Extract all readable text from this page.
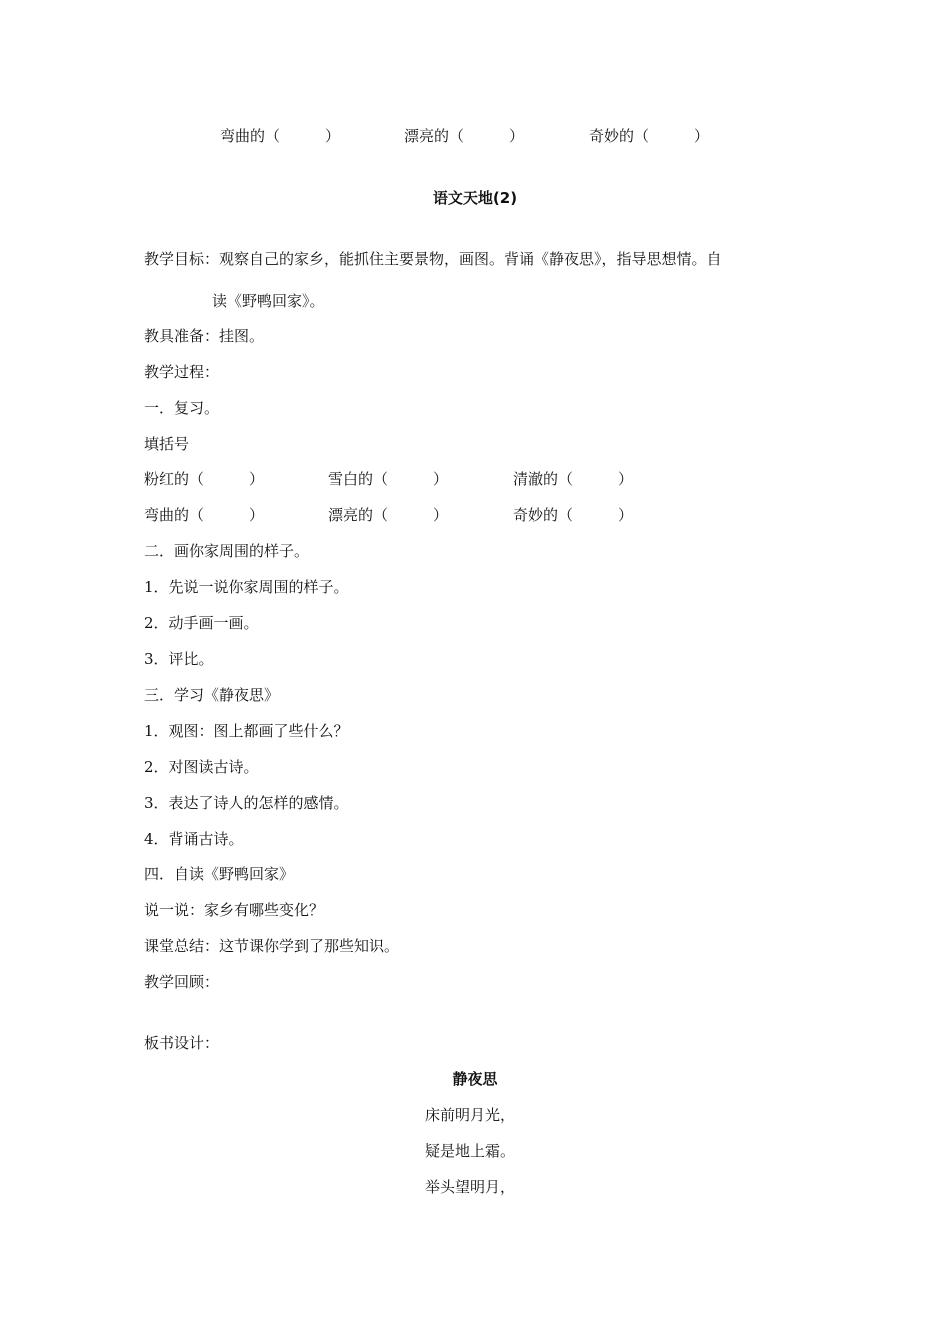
弯曲的（　　　）	漂亮的（　　　）	奇妙的（　　　）
语文天地(2)
教学目标：观察自己的家乡，能抓住主要景物，画图。背诵《静夜思》，指导思想情。自
读《野鸭回家》。
教具准备：挂图。
教学过程：
一．复习。
填括号
粉红的（　　　）	雪白的（　　　）	清澈的（　　　）
弯曲的（　　　）	漂亮的（　　　）	奇妙的（　　　）
二．画你家周围的样子。
1．先说一说你家周围的样子。
2．动手画一画。
3．评比。
三．学习《静夜思》
1．观图：图上都画了些什么？
2．对图读古诗。
3．表达了诗人的怎样的感情。
4．背诵古诗。
四．自读《野鸭回家》
说一说：家乡有哪些变化？
课堂总结：这节课你学到了那些知识。
教学回顾：
板书设计：
静夜思
床前明月光，
疑是地上霜。
举头望明月，
